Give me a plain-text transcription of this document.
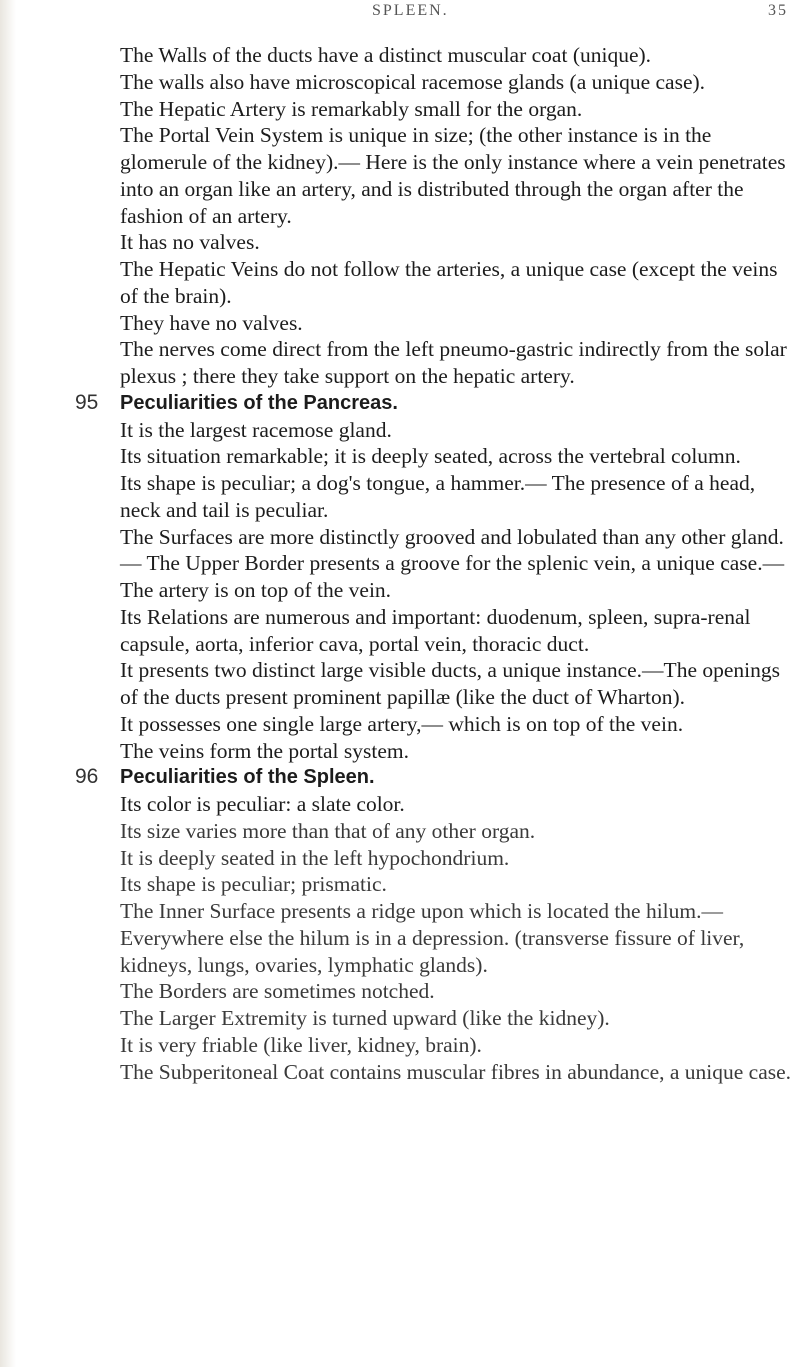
SPLEEN.	35

The Walls of the ducts have a distinct muscular coat (unique).

The walls also have microscopical racemose glands (a unique case).

The Hepatic Artery is remarkably small for the organ.

The Portal Vein System is unique in size; (the other instance is in the glomerule of the kidney).— Here is the only instance where a vein penetrates into an organ like an artery, and is distributed through the organ after the fashion of an artery.

It has no valves.

The Hepatic Veins do not follow the arteries, a unique case (except the veins of the brain).

They have no valves.

The nerves come direct from the left pneumo-gastric indirectly from the solar plexus ; there they take support on the hepatic artery.

95 Peculiarities of the Pancreas.

It is the largest racemose gland.

Its situation remarkable; it is deeply seated, across the vertebral column.

Its shape is peculiar; a dog's tongue, a hammer.— The presence of a head, neck and tail is peculiar.

The Surfaces are more distinctly grooved and lobulated than any other gland.— The Upper Border presents a groove for the splenic vein, a unique case.— The artery is on top of the vein.

Its Relations are numerous and important: duodenum, spleen, supra-renal capsule, aorta, inferior cava, portal vein, thoracic duct.

It presents two distinct large visible ducts, a unique instance.—The openings of the ducts present prominent papillæ (like the duct of Wharton).

It possesses one single large artery,— which is on top of the vein.

The veins form the portal system.

96 Peculiarities of the Spleen.

Its color is peculiar: a slate color.

Its size varies more than that of any other organ.

It is deeply seated in the left hypochondrium.

Its shape is peculiar; prismatic.

The Inner Surface presents a ridge upon which is located the hilum.— Everywhere else the hilum is in a depression. (transverse fissure of liver, kidneys, lungs, ovaries, lymphatic glands).

The Borders are sometimes notched.

The Larger Extremity is turned upward (like the kidney).

It is very friable (like liver, kidney, brain).

The Subperitoneal Coat contains muscular fibres in abundance, a unique case.
